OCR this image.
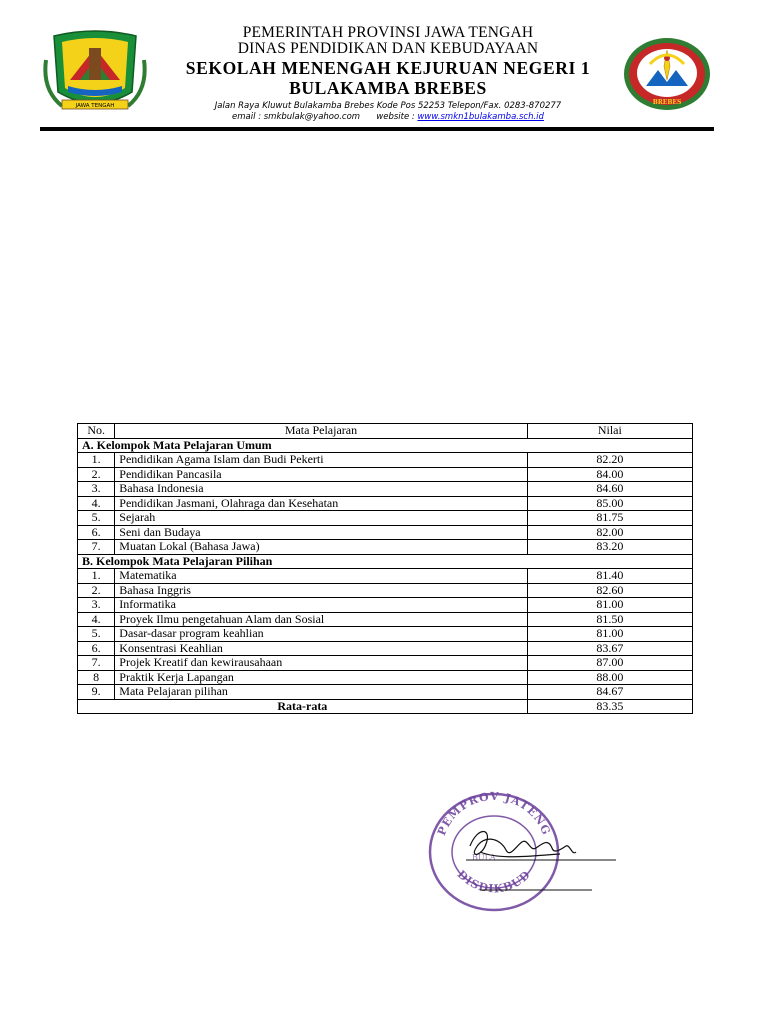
JAWA TENGAH
PEMERINTAH PROVINSI JAWA TENGAH
DINAS PENDIDIKAN DAN KEBUDAYAAN
SEKOLAH MENENGAH KEJURUAN NEGERI 1
BULAKAMBA BREBES
Jalan Raya Kluwut Bulakamba Brebes Kode Pos 52253 Telepon/Fax. 0283-870277
email : smkbulak@yahoo.com website : www.smkn1bulakamba.sch.id
BREBES
No.	Mata Pelajaran	Nilai
A. Kelompok Mata Pelajaran Umum		
1.	Pendidikan Agama Islam dan Budi Pekerti	82.20
2.	Pendidikan Pancasila	84.00
3.	Bahasa Indonesia	84.60
4.	Pendidikan Jasmani, Olahraga dan Kesehatan	85.00
5.	Sejarah	81.75
6.	Seni dan Budaya	82.00
7.	Muatan Lokal (Bahasa Jawa)	83.20
B. Kelompok Mata Pelajaran Pilihan		
1.	Matematika	81.40
2.	Bahasa Inggris	82.60
3.	Informatika	81.00
4.	Proyek Ilmu pengetahuan Alam dan Sosial	81.50
5.	Dasar-dasar program keahlian	81.00
6.	Konsentrasi Keahlian	83.67
7.	Projek Kreatif dan kewirausahaan	87.00
8	Praktik Kerja Lapangan	88.00
9.	Mata Pelajaran pilihan	84.67
Rata-rata		83.35
PEMPROV JATENG
DISDIKBUD
BULA
